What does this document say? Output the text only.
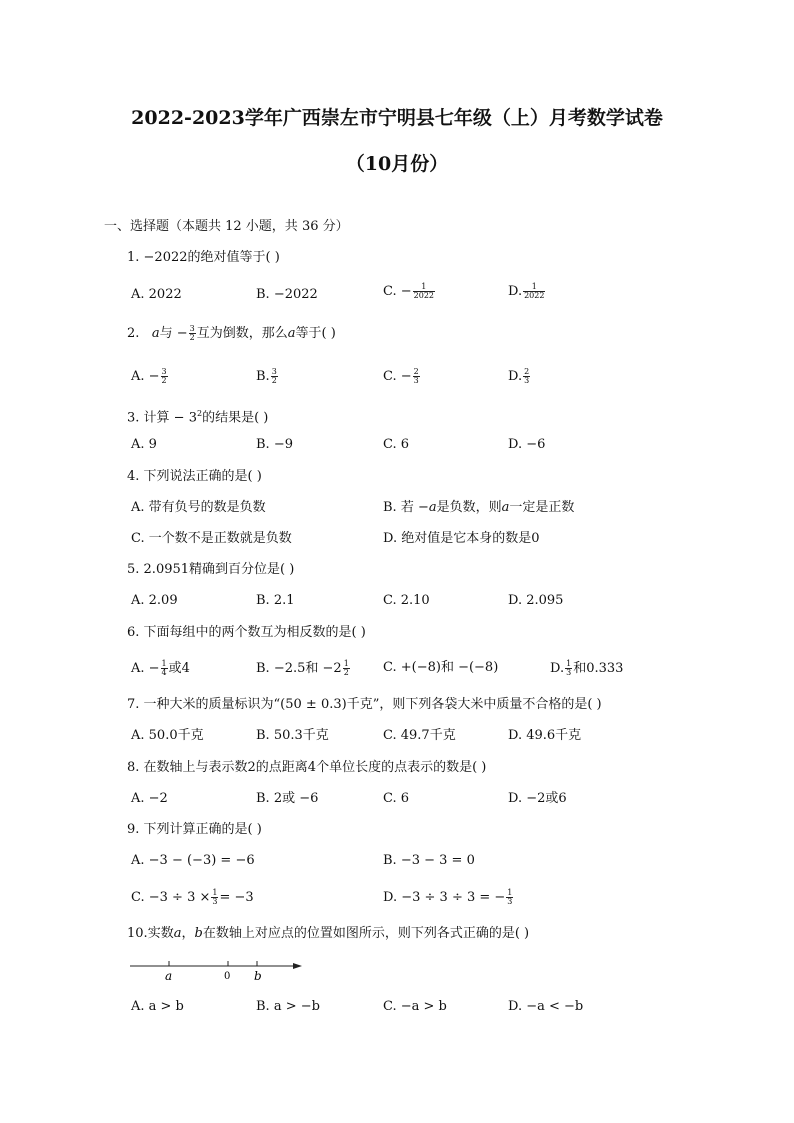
2022-2023学年广西崇左市宁明县七年级（上）月考数学试卷
（10月份）
一、选择题（本题共 12 小题，共 36 分）
1. −2022的绝对值等于( )
A. 2022	B. −2022	C. − $\frac{1}{2022}$	D. $\frac{1}{2022}$
2. a与 − $\frac{3}{2}$ 互为倒数，那么a等于( )
A. − $\frac{3}{2}$	B. $\frac{3}{2}$	C. − $\frac{2}{3}$	D. $\frac{2}{3}$
3. 计算 − $3^2$的结果是( )
A. 9	B. −9	C. 6	D. −6
4. 下列说法正确的是( )
A. 带有负号的数是负数	B. 若 −a是负数，则a一定是正数
C. 一个数不是正数就是负数	D. 绝对值是它本身的数是0
5. 2.0951精确到百分位是( )
A. 2.09	B. 2.1	C. 2.10	D. 2.095
6. 下面每组中的两个数互为相反数的是( )
A. − $\frac{1}{4}$ 或4	B. −2.5和 $-2 \frac{1}{2}$	C. +(−8)和 −(−8)	D. $\frac{1}{3}$ 和0.333
7. 一种大米的质量标识为“(50 ± 0.3)千克”，则下列各袋大米中质量不合格的是( )
A. 50.0千克	B. 50.3千克	C. 49.7千克	D. 49.6千克
8. 在数轴上与表示数2的点距离4个单位长度的点表示的数是( )
A. −2	B. 2或 −6	C. 6	D. −2或6
9. 下列计算正确的是( )
A. −3 − (−3) = −6	B. −3 − 3 = 0
C. $-3 \div 3 \times \frac{1}{3} = -3$	D. −3 ÷ 3 ÷ 3 = − $\frac{1}{3}$
10.实数a，b在数轴上对应点的位置如图所示，则下列各式正确的是( )
a	0 b
A. a > b	B. a > −b	C. −a > b	D. −a < −b
